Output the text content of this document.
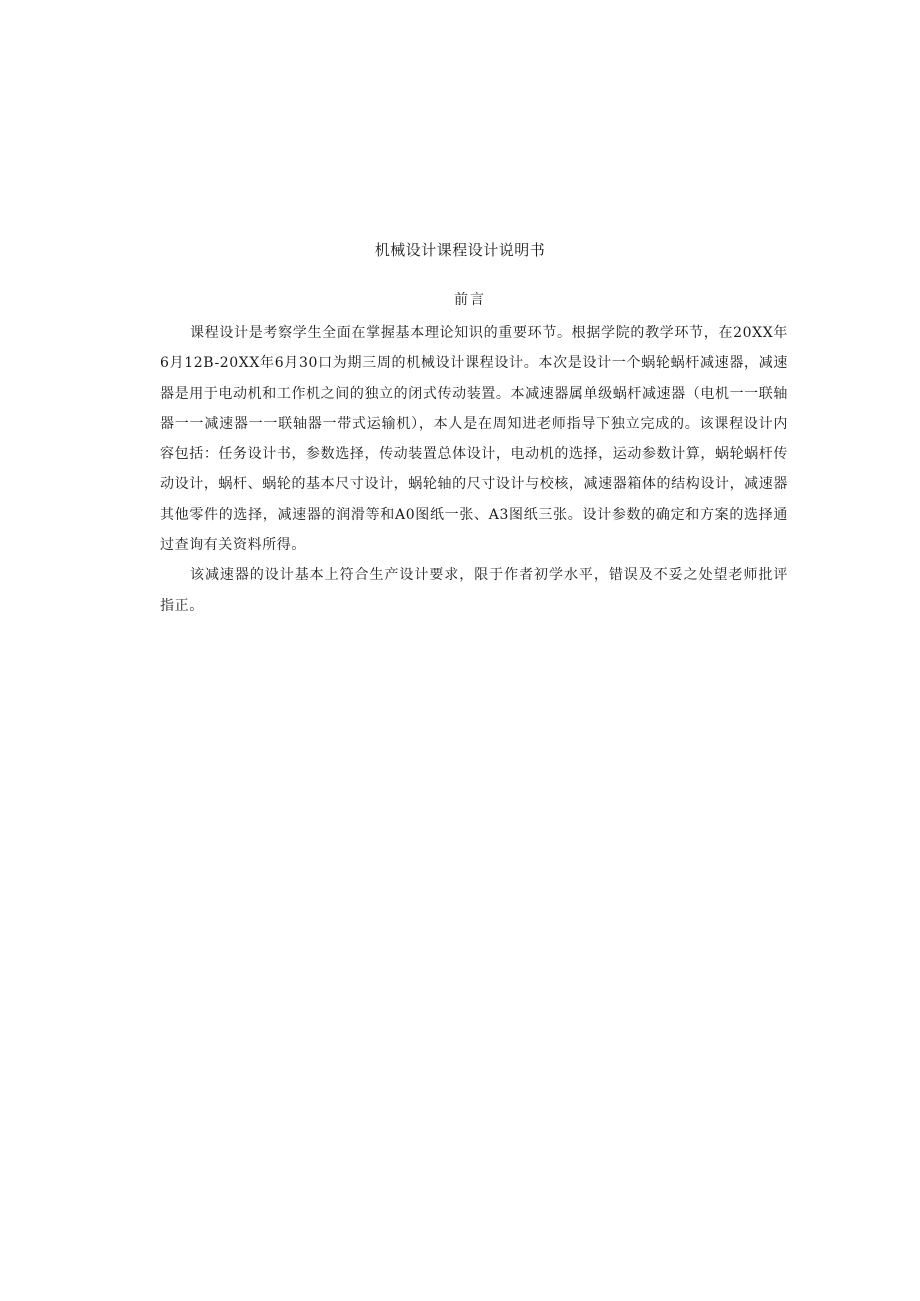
机械设计课程设计说明书
前言

课程设计是考察学生全面在掌握基本理论知识的重要环节。根据学院的教学环节，在20XX年6月12B-20XX年6月30口为期三周的机械设计课程设计。本次是设计一个蜗轮蜗杆减速器，减速器是用于电动机和工作机之间的独立的闭式传动装置。本减速器属单级蜗杆减速器（电机一一联轴器一一减速器一一联轴器一带式运输机），本人是在周知进老师指导下独立完成的。该课程设计内容包括：任务设计书，参数选择，传动装置总体设计，电动机的选择，运动参数计算，蜗轮蜗杆传动设计，蜗杆、蜗轮的基本尺寸设计，蜗轮轴的尺寸设计与校核，减速器箱体的结构设计，减速器其他零件的选择，减速器的润滑等和A0图纸一张、A3图纸三张。设计参数的确定和方案的选择通过查询有关资料所得。

该减速器的设计基本上符合生产设计要求，限于作者初学水平，错误及不妥之处望老师批评指正。
